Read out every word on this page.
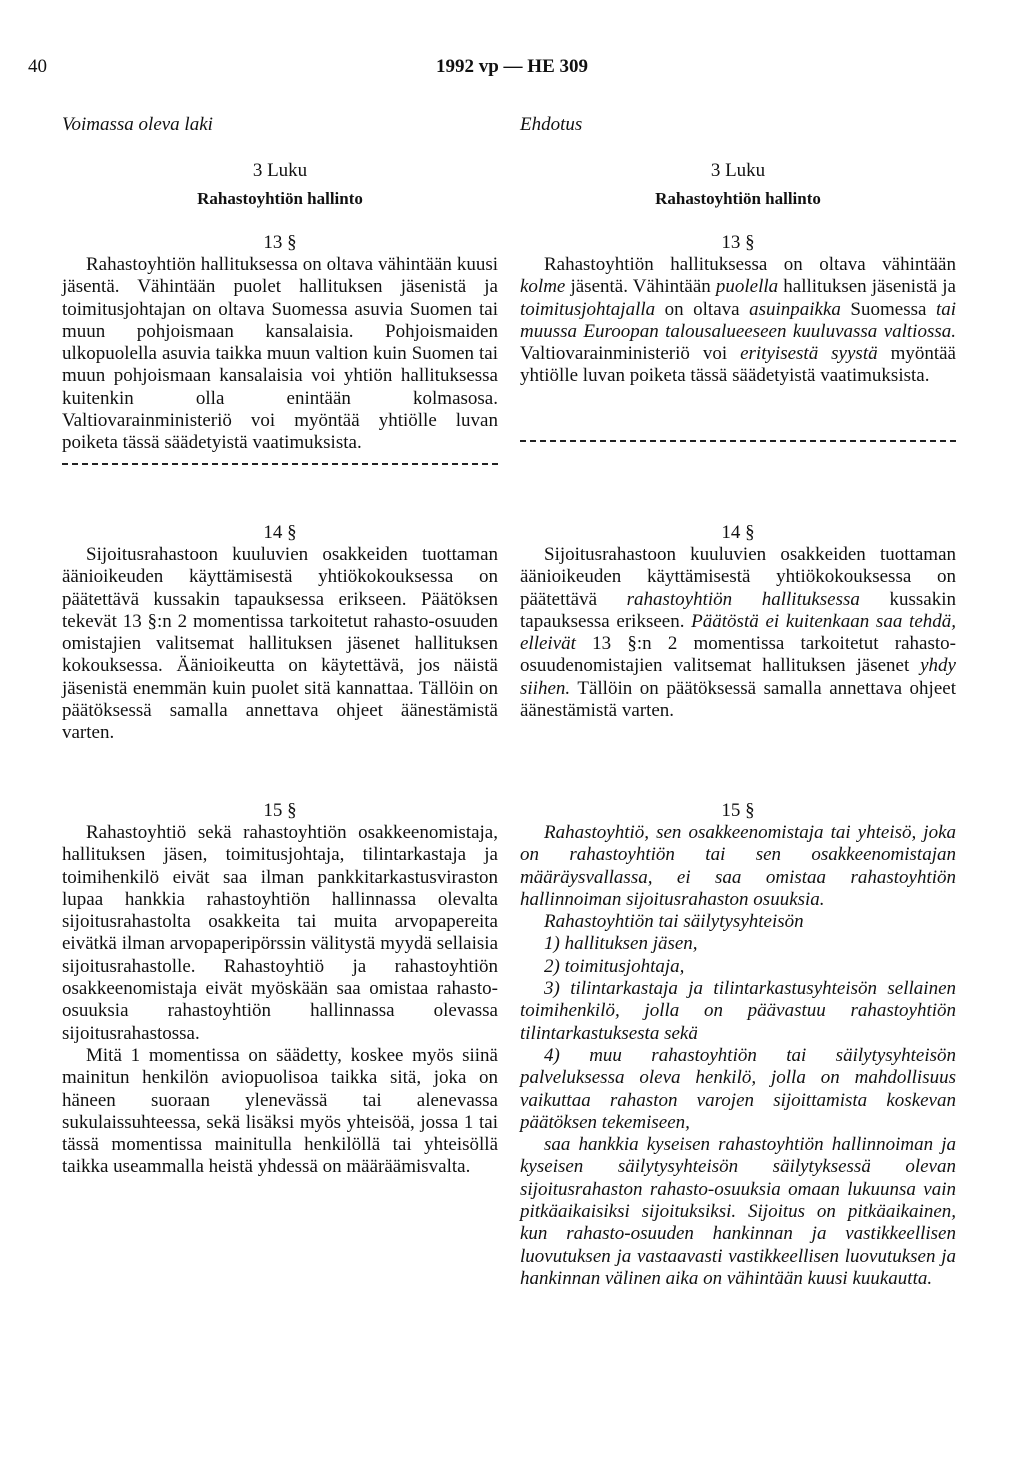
40	1992 vp — HE 309
Voimassa oleva laki	Ehdotus
3 Luku
Rahastoyhtiön hallinto
13 §

Rahastoyhtiön hallituksessa on oltava vähintään kuusi jäsentä. Vähintään puolet hallituksen jäsenistä ja toimitusjohtajan on oltava Suomessa asuvia Suomen tai muun pohjoismaan kansalaisia. Pohjoismaiden ulkopuolella asuvia taikka muun valtion kuin Suomen tai muun pohjoismaan kansalaisia voi yhtiön hallituksessa kuitenkin olla enintään kolmasosa. Valtiovarainministeriö voi myöntää yhtiölle luvan poiketa tässä säädetyistä vaatimuksista.

14 §

Sijoitusrahastoon kuuluvien osakkeiden tuottaman äänioikeuden käyttämisestä yhtiökokouksessa on päätettävä kussakin tapauksessa erikseen. Päätöksen tekevät 13 §:n 2 momentissa tarkoitetut rahasto-osuuden omistajien valitsemat hallituksen jäsenet hallituksen kokouksessa. Äänioikeutta on käytettävä, jos näistä jäsenistä enemmän kuin puolet sitä kannattaa. Tällöin on päätöksessä samalla annettava ohjeet äänestämistä varten.

15 §

Rahastoyhtiö sekä rahastoyhtiön osakkeenomistaja, hallituksen jäsen, toimitusjohtaja, tilintarkastaja ja toimihenkilö eivät saa ilman pankkitarkastusviraston lupaa hankkia rahastoyhtiön hallinnassa olevalta sijoitusrahastolta osakkeita tai muita arvopapereita eivätkä ilman arvopaperipörssin välitystä myydä sellaisia sijoitusrahastolle. Rahastoyhtiö ja rahastoyhtiön osakkeenomistaja eivät myöskään saa omistaa rahasto-osuuksia rahastoyhtiön hallinnassa olevassa sijoitusrahastossa.

Mitä 1 momentissa on säädetty, koskee myös siinä mainitun henkilön aviopuolisoa taikka sitä, joka on häneen suoraan ylenevässä tai alenevassa sukulaissuhteessa, sekä lisäksi myös yhteisöä, jossa 1 tai tässä momentissa mainitulla henkilöllä tai yhteisöllä taikka useammalla heistä yhdessä on määräämisvalta.

3 Luku
Rahastoyhtiön hallinto
13 §

Rahastoyhtiön hallituksessa on oltava vähintään kolme jäsentä. Vähintään puolella hallituksen jäsenistä ja toimitusjohtajalla on oltava asuinpaikka Suomessa tai muussa Euroopan talousalueeseen kuuluvassa valtiossa. Valtiovarainministeriö voi erityisestä syystä myöntää yhtiölle luvan poiketa tässä säädetyistä vaatimuksista.

14 §

Sijoitusrahastoon kuuluvien osakkeiden tuottaman äänioikeuden käyttämisestä yhtiökokouksessa on päätettävä rahastoyhtiön hallituksessa kussakin tapauksessa erikseen. Päätöstä ei kuitenkaan saa tehdä, elleivät 13 §:n 2 momentissa tarkoitetut rahasto-osuudenomistajien valitsemat hallituksen jäsenet yhdy siihen. Tällöin on päätöksessä samalla annettava ohjeet äänestämistä varten.

15 §

Rahastoyhtiö, sen osakkeenomistaja tai yhteisö, joka on rahastoyhtiön tai sen osakkeenomistajan määräysvallassa, ei saa omistaa rahastoyhtiön hallinnoiman sijoitusrahaston osuuksia.

Rahastoyhtiön tai säilytysyhteisön

1) hallituksen jäsen,

2) toimitusjohtaja,

3) tilintarkastaja ja tilintarkastusyhteisön sellainen toimihenkilö, jolla on päävastuu rahastoyhtiön tilintarkastuksesta sekä

4) muu rahastoyhtiön tai säilytysyhteisön palveluksessa oleva henkilö, jolla on mahdollisuus vaikuttaa rahaston varojen sijoittamista koskevan päätöksen tekemiseen,

saa hankkia kyseisen rahastoyhtiön hallinnoiman ja kyseisen säilytysyhteisön säilytyksessä olevan sijoitusrahaston rahasto-osuuksia omaan lukuunsa vain pitkäaikaisiksi sijoituksiksi. Sijoitus on pitkäaikainen, kun rahasto-osuuden hankinnan ja vastikkeellisen luovutuksen ja vastaavasti vastikkeellisen luovutuksen ja hankinnan välinen aika on vähintään kuusi kuukautta.
